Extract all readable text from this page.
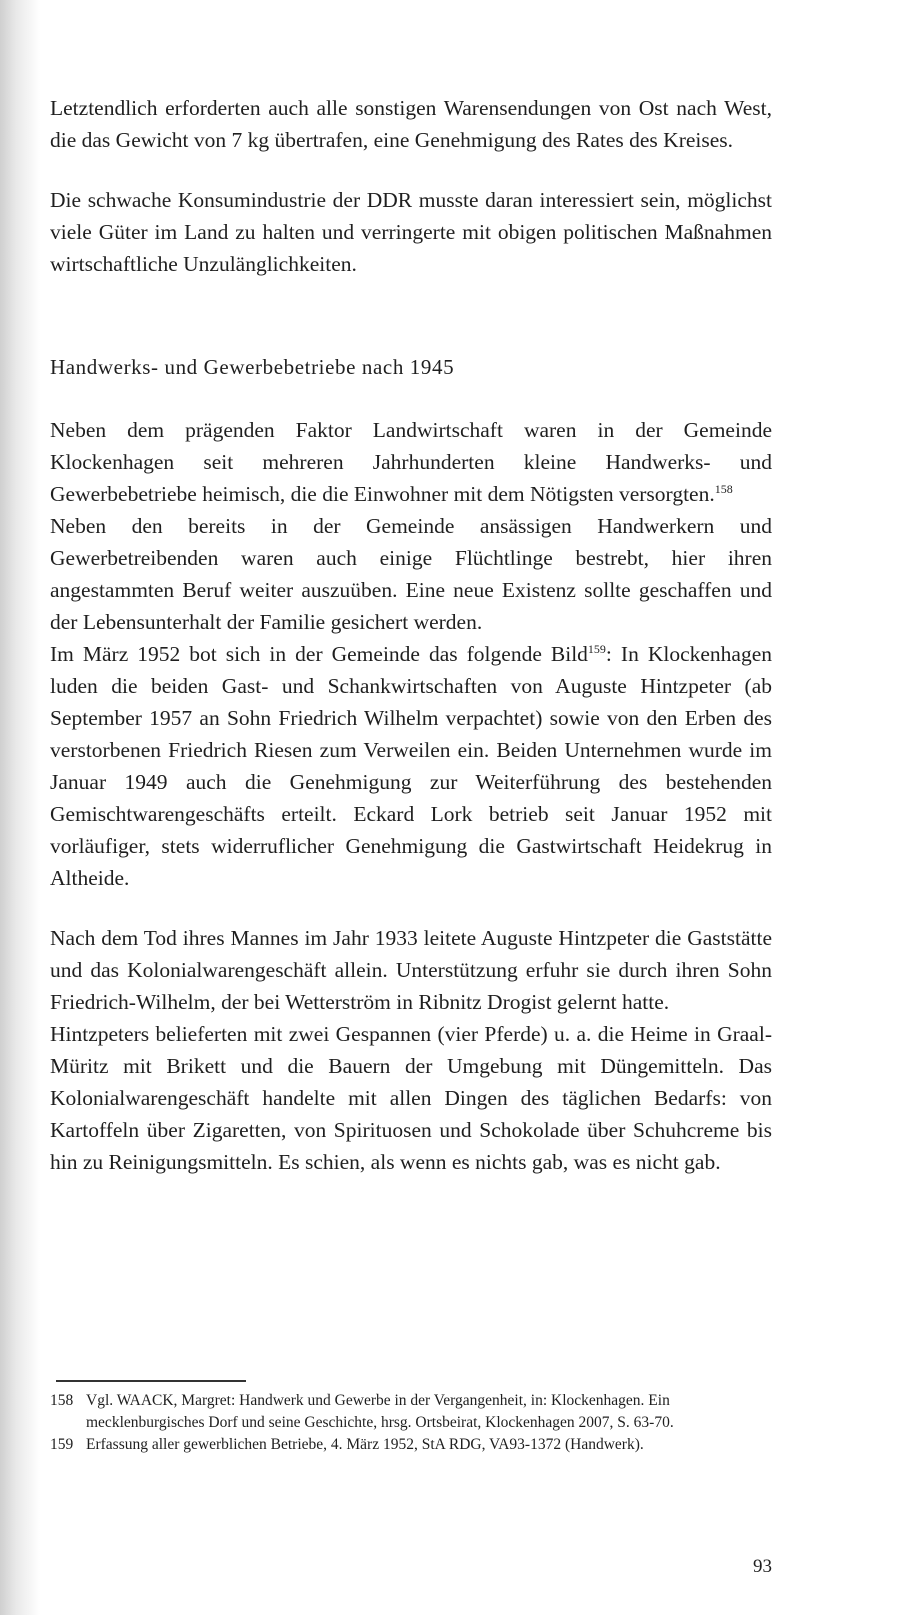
Letztendlich erforderten auch alle sonstigen Warensendungen von Ost nach West, die das Gewicht von 7 kg übertrafen, eine Genehmigung des Rates des Kreises.

Die schwache Konsumindustrie der DDR musste daran interessiert sein, möglichst viele Güter im Land zu halten und verringerte mit obigen politischen Maßnahmen wirtschaftliche Unzulänglichkeiten.

Handwerks- und Gewerbebetriebe nach 1945

Neben dem prägenden Faktor Landwirtschaft waren in der Gemeinde Klockenhagen seit mehreren Jahrhunderten kleine Handwerks- und Gewerbebetriebe heimisch, die die Einwohner mit dem Nötigsten versorgten.$^{158}$

Neben den bereits in der Gemeinde ansässigen Handwerkern und Gewerbetreibenden waren auch einige Flüchtlinge bestrebt, hier ihren angestammten Beruf weiter auszuüben. Eine neue Existenz sollte geschaffen und der Lebensunterhalt der Familie gesichert werden.

Im März 1952 bot sich in der Gemeinde das folgende Bild$^{159}$: In Klockenhagen luden die beiden Gast- und Schankwirtschaften von Auguste Hintzpeter (ab September 1957 an Sohn Friedrich Wilhelm verpachtet) sowie von den Erben des verstorbenen Friedrich Riesen zum Verweilen ein. Beiden Unternehmen wurde im Januar 1949 auch die Genehmigung zur Weiterführung des bestehenden Gemischtwarengeschäfts erteilt. Eckard Lork betrieb seit Januar 1952 mit vorläufiger, stets widerruflicher Genehmigung die Gastwirtschaft Heidekrug in Altheide.

Nach dem Tod ihres Mannes im Jahr 1933 leitete Auguste Hintzpeter die Gaststätte und das Kolonialwarengeschäft allein. Unterstützung erfuhr sie durch ihren Sohn Friedrich-Wilhelm, der bei Wetterström in Ribnitz Drogist gelernt hatte.

Hintzpeters belieferten mit zwei Gespannen (vier Pferde) u. a. die Heime in Graal-Müritz mit Brikett und die Bauern der Umgebung mit Düngemitteln. Das Kolonialwarengeschäft handelte mit allen Dingen des täglichen Bedarfs: von Kartoffeln über Zigaretten, von Spirituosen und Schokolade über Schuhcreme bis hin zu Reinigungsmitteln. Es schien, als wenn es nichts gab, was es nicht gab.

158 Vgl. WAACK, Margret: Handwerk und Gewerbe in der Vergangenheit, in: Klockenhagen. Ein mecklenburgisches Dorf und seine Geschichte, hrsg. Ortsbeirat, Klockenhagen 2007, S. 63-70.
159 Erfassung aller gewerblichen Betriebe, 4. März 1952, StA RDG, VA93-1372 (Handwerk).
93
